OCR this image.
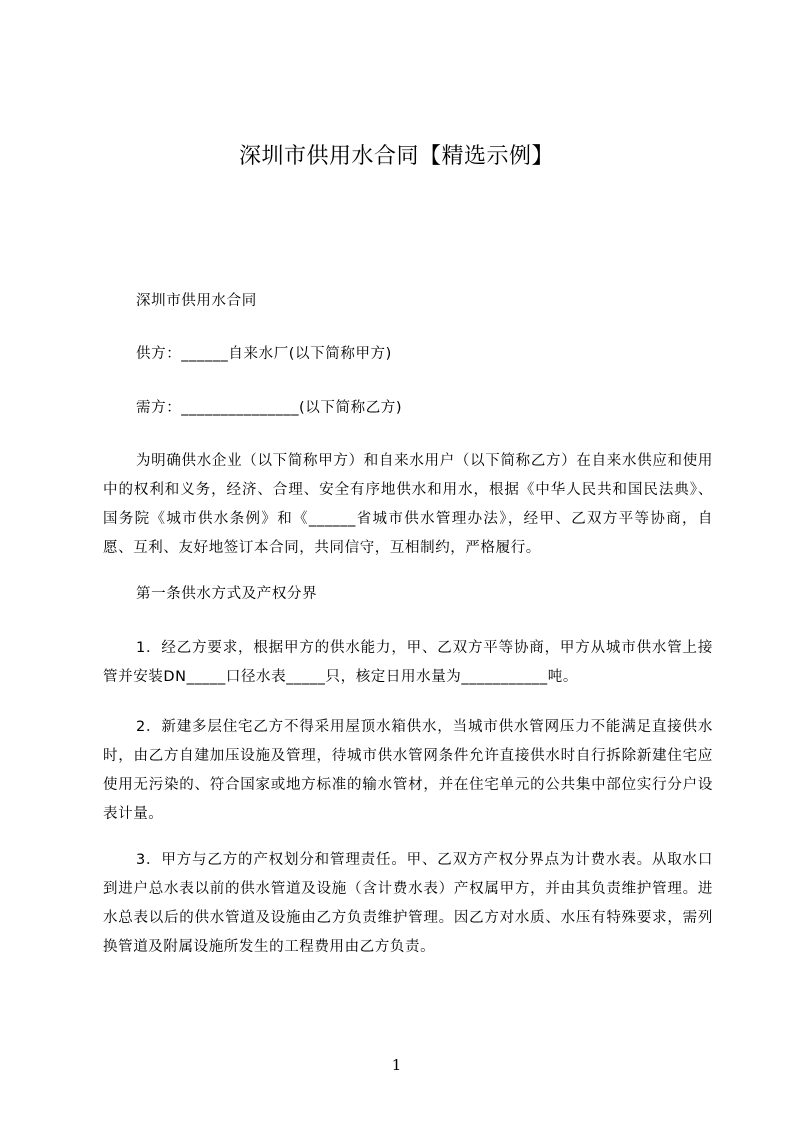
深圳市供用水合同【精选示例】

深圳市供用水合同

供方：______自来水厂(以下简称甲方)

需方：_______________(以下简称乙方)

为明确供水企业（以下简称甲方）和自来水用户（以下简称乙方）在自来水供应和使用中的权利和义务，经济、合理、安全有序地供水和用水，根据《中华人民共和国民法典》、国务院《城市供水条例》和《______省城市供水管理办法》，经甲、乙双方平等协商，自愿、互利、友好地签订本合同，共同信守，互相制约，严格履行。

第一条供水方式及产权分界

1．经乙方要求，根据甲方的供水能力，甲、乙双方平等协商，甲方从城市供水管上接管并安装DN_____口径水表_____只，核定日用水量为___________吨。

2．新建多层住宅乙方不得采用屋顶水箱供水，当城市供水管网压力不能满足直接供水时，由乙方自建加压设施及管理，待城市供水管网条件允许直接供水时自行拆除新建住宅应使用无污染的、符合国家或地方标准的输水管材，并在住宅单元的公共集中部位实行分户设表计量。

3．甲方与乙方的产权划分和管理责任。甲、乙双方产权分界点为计费水表。从取水口到进户总水表以前的供水管道及设施（含计费水表）产权属甲方，并由其负责维护管理。进水总表以后的供水管道及设施由乙方负责维护管理。因乙方对水质、水压有特殊要求，需列换管道及附属设施所发生的工程费用由乙方负责。

1
